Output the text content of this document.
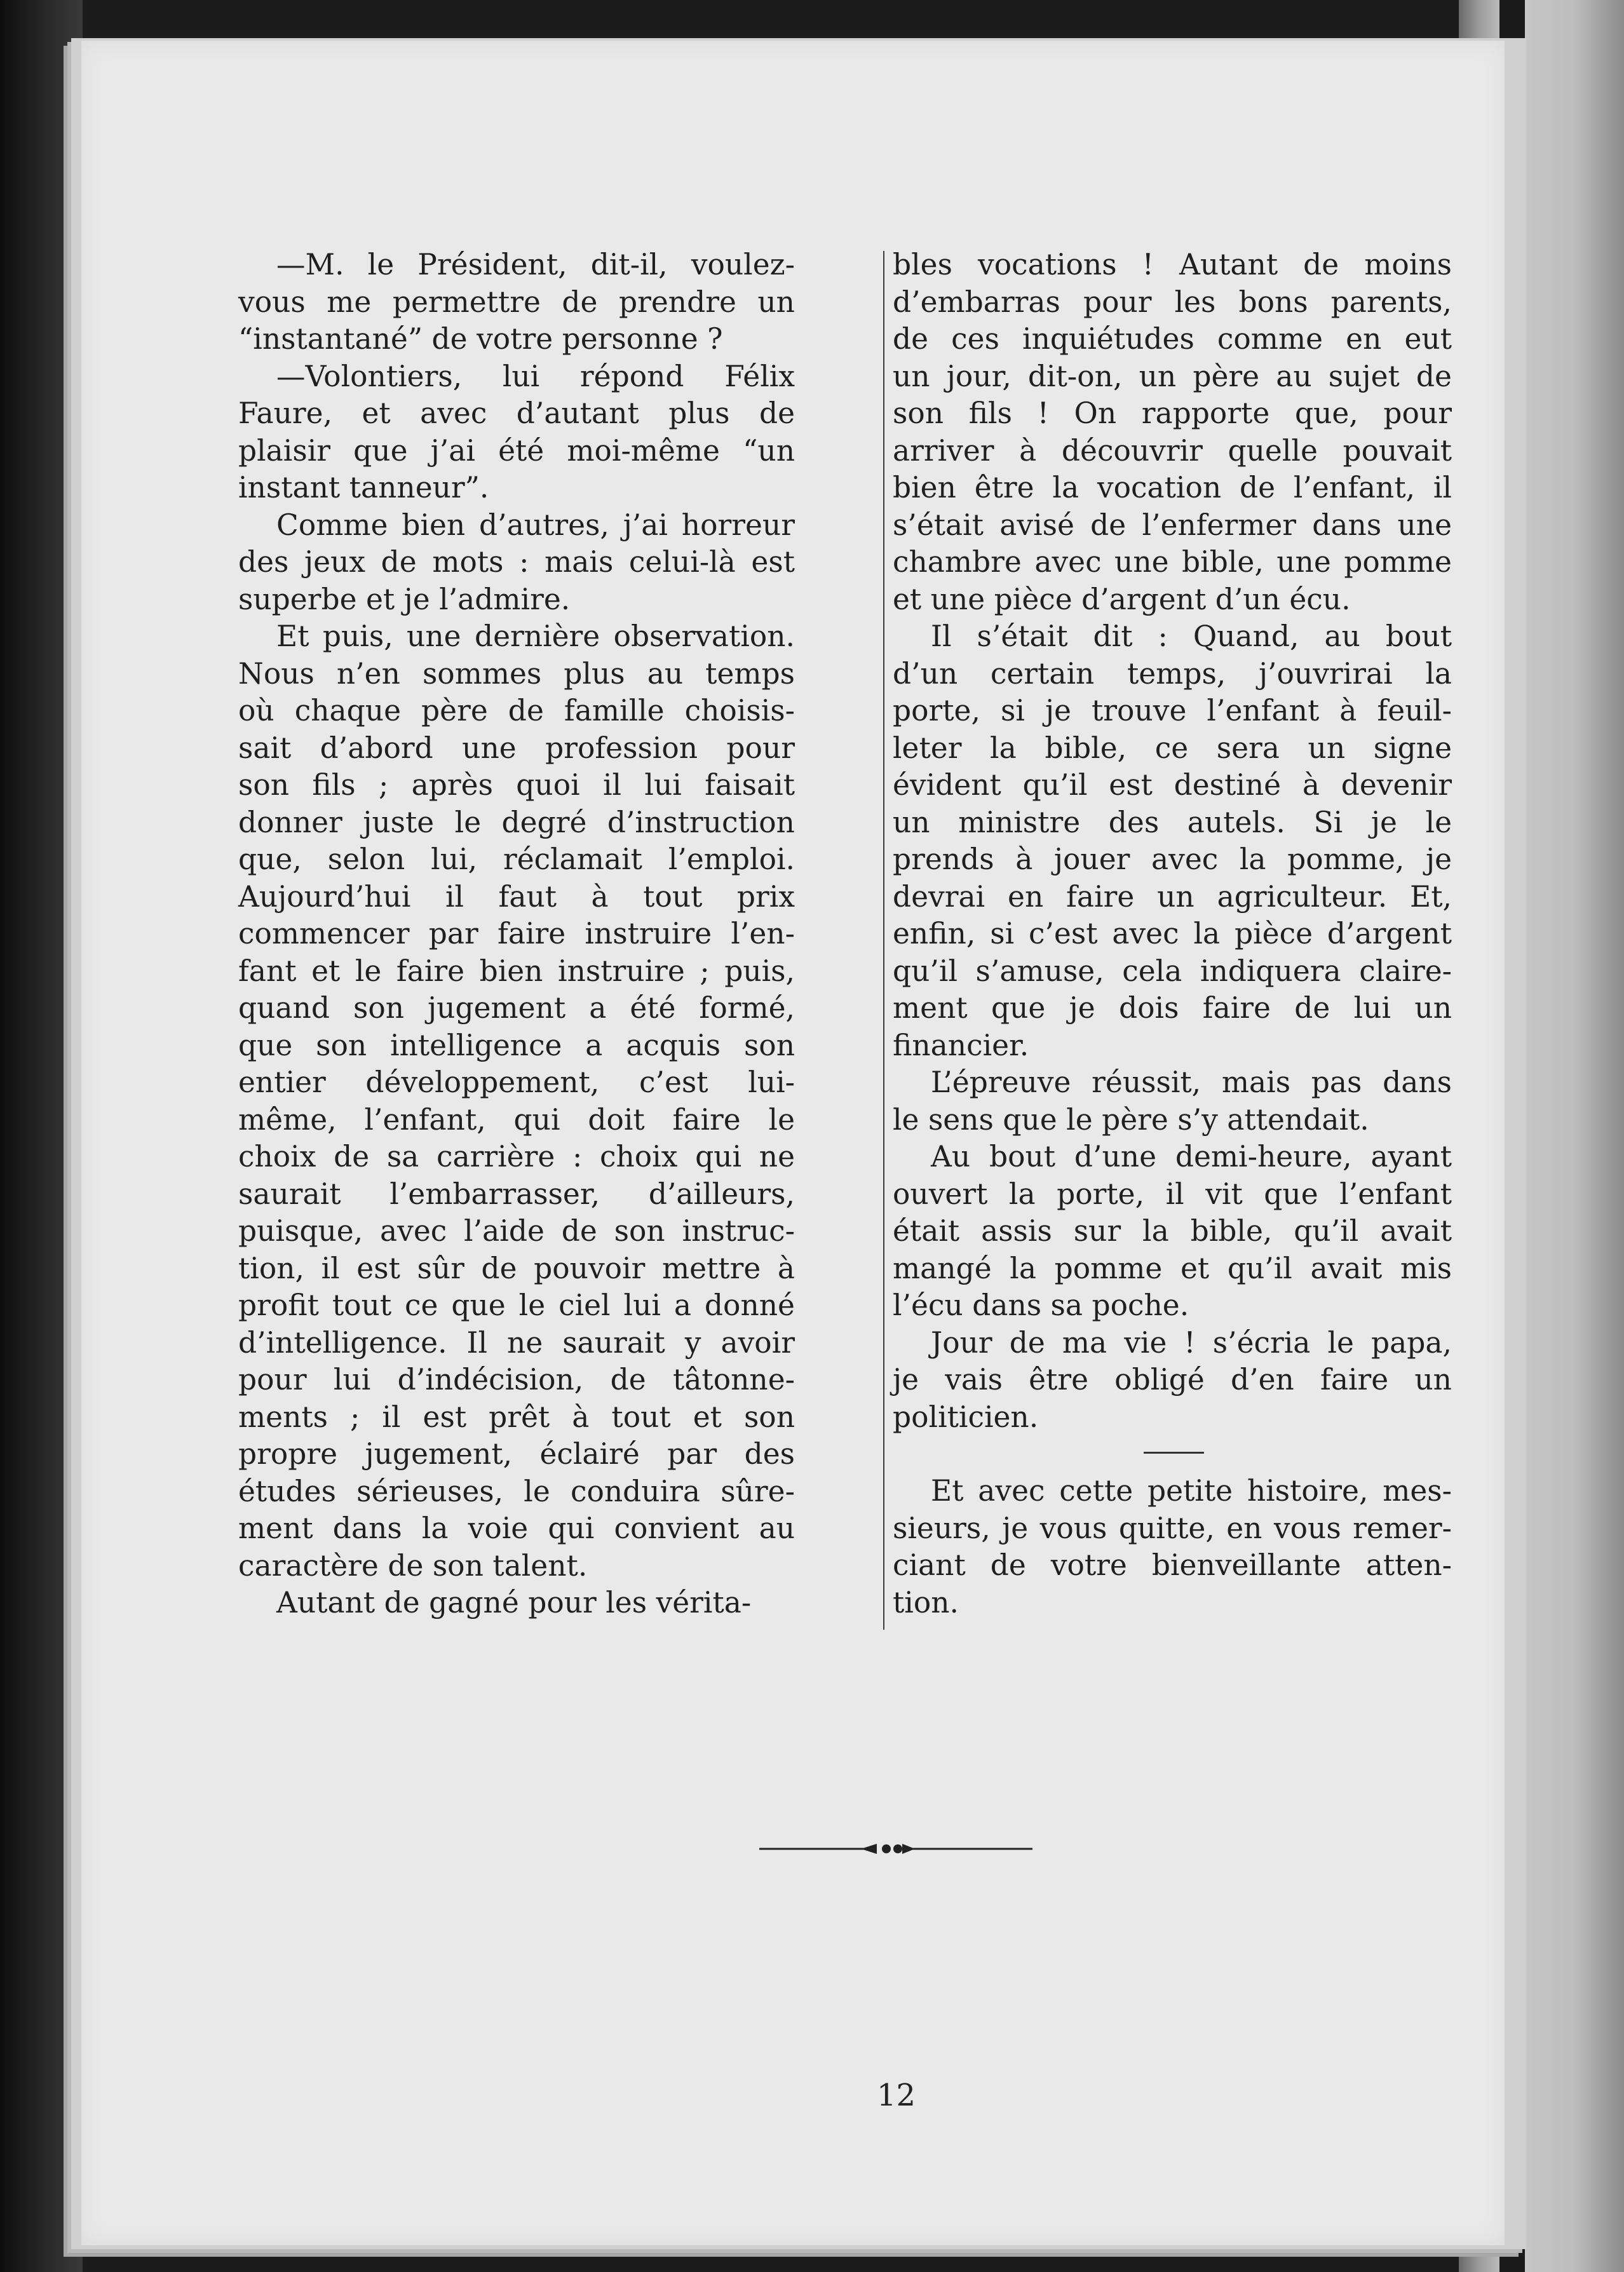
—M. le Président, dit-il, voulez-
vous me permettre de prendre un
“instantané” de votre personne ?

—Volontiers, lui répond Félix
Faure, et avec d’autant plus de
plaisir que j’ai été moi-même “un
instant tanneur”.

Comme bien d’autres, j’ai horreur
des jeux de mots : mais celui-là est
superbe et je l’admire.

Et puis, une dernière observation.
Nous n’en sommes plus au temps
où chaque père de famille choisis-
sait d’abord une profession pour
son fils ; après quoi il lui faisait
donner juste le degré d’instruction
que, selon lui, réclamait l’emploi.
Aujourd’hui il faut à tout prix
commencer par faire instruire l’en-
fant et le faire bien instruire ; puis,
quand son jugement a été formé,
que son intelligence a acquis son
entier développement, c’est lui-
même, l’enfant, qui doit faire le
choix de sa carrière : choix qui ne
saurait l’embarrasser, d’ailleurs,
puisque, avec l’aide de son instruc-
tion, il est sûr de pouvoir mettre à
profit tout ce que le ciel lui a donné
d’intelligence. Il ne saurait y avoir
pour lui d’indécision, de tâtonne-
ments ; il est prêt à tout et son
propre jugement, éclairé par des
études sérieuses, le conduira sûre-
ment dans la voie qui convient au
caractère de son talent.

Autant de gagné pour les vérita-

bles vocations ! Autant de moins
d’embarras pour les bons parents,
de ces inquiétudes comme en eut
un jour, dit-on, un père au sujet de
son fils ! On rapporte que, pour
arriver à découvrir quelle pouvait
bien être la vocation de l’enfant, il
s’était avisé de l’enfermer dans une
chambre avec une bible, une pomme
et une pièce d’argent d’un écu.

Il s’était dit : Quand, au bout
d’un certain temps, j’ouvrirai la
porte, si je trouve l’enfant à feuil-
leter la bible, ce sera un signe
évident qu’il est destiné à devenir
un ministre des autels. Si je le
prends à jouer avec la pomme, je
devrai en faire un agriculteur. Et,
enfin, si c’est avec la pièce d’argent
qu’il s’amuse, cela indiquera claire-
ment que je dois faire de lui un
financier.

L’épreuve réussit, mais pas dans
le sens que le père s’y attendait.

Au bout d’une demi-heure, ayant
ouvert la porte, il vit que l’enfant
était assis sur la bible, qu’il avait
mangé la pomme et qu’il avait mis
l’écu dans sa poche.

Jour de ma vie ! s’écria le papa,
je vais être obligé d’en faire un
politicien.

Et avec cette petite histoire, mes-
sieurs, je vous quitte, en vous remer-
ciant de votre bienveillante atten-
tion.

12
